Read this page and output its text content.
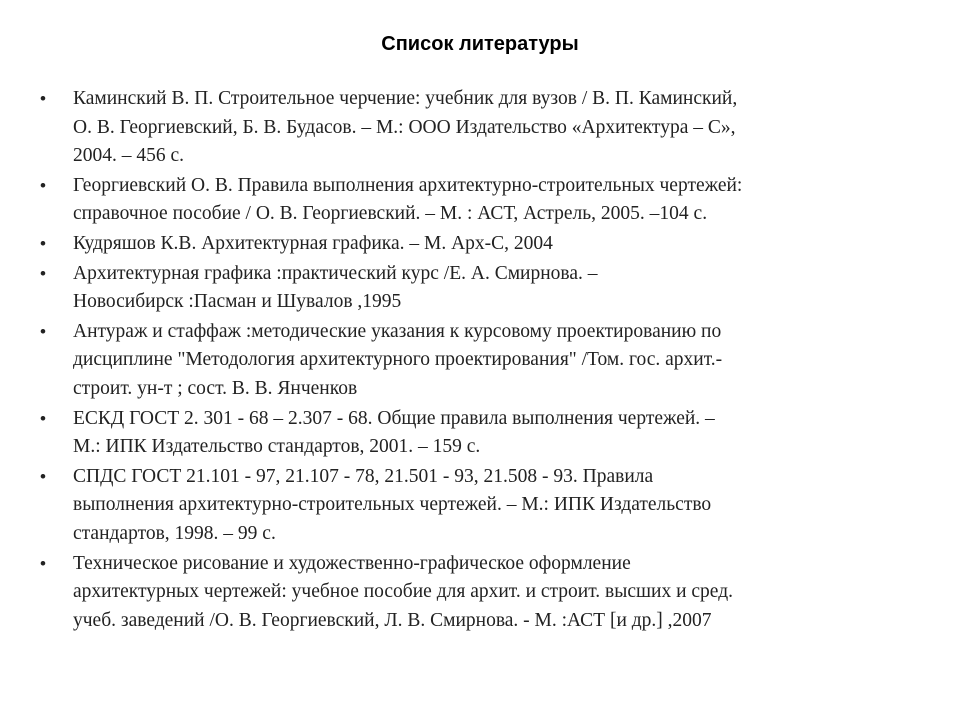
Список литературы
•	Каминский В. П. Строительное черчение: учебник для вузов / В. П. Каминский,
О. В. Георгиевский, Б. В. Будасов. – М.: ООО Издательство «Архитектура – С»,
2004. – 456 с.
•	Георгиевский О. В. Правила выполнения архитектурно-строительных чертежей:
справочное пособие / О. В. Георгиевский. – М. : АСТ, Астрель, 2005. –104 с.
•	Кудряшов К.В. Архитектурная графика. – М. Арх-С, 2004
•	Архитектурная графика :практический курс /Е. А. Смирнова. –
Новосибирск :Пасман и Шувалов ,1995
•	Антураж и стаффаж :методические указания к курсовому проектированию по
дисциплине "Методология архитектурного проектирования" /Том. гос. архит.-
строит. ун-т ; сост. В. В. Янченков
•	ЕСКД ГОСТ 2. 301 - 68 – 2.307 - 68. Общие правила выполнения чертежей. –
М.: ИПК Издательство стандартов, 2001. – 159 с.
•	СПДС ГОСТ 21.101 - 97, 21.107 - 78, 21.501 - 93, 21.508 - 93. Правила
выполнения архитектурно-строительных чертежей. – М.: ИПК Издательство
стандартов, 1998. – 99 с.
•	Техническое рисование и художественно-графическое оформление
архитектурных чертежей: учебное пособие для архит. и строит. высших и сред.
учеб. заведений /О. В. Георгиевский, Л. В. Смирнова. - М. :АСТ [и др.] ,2007
